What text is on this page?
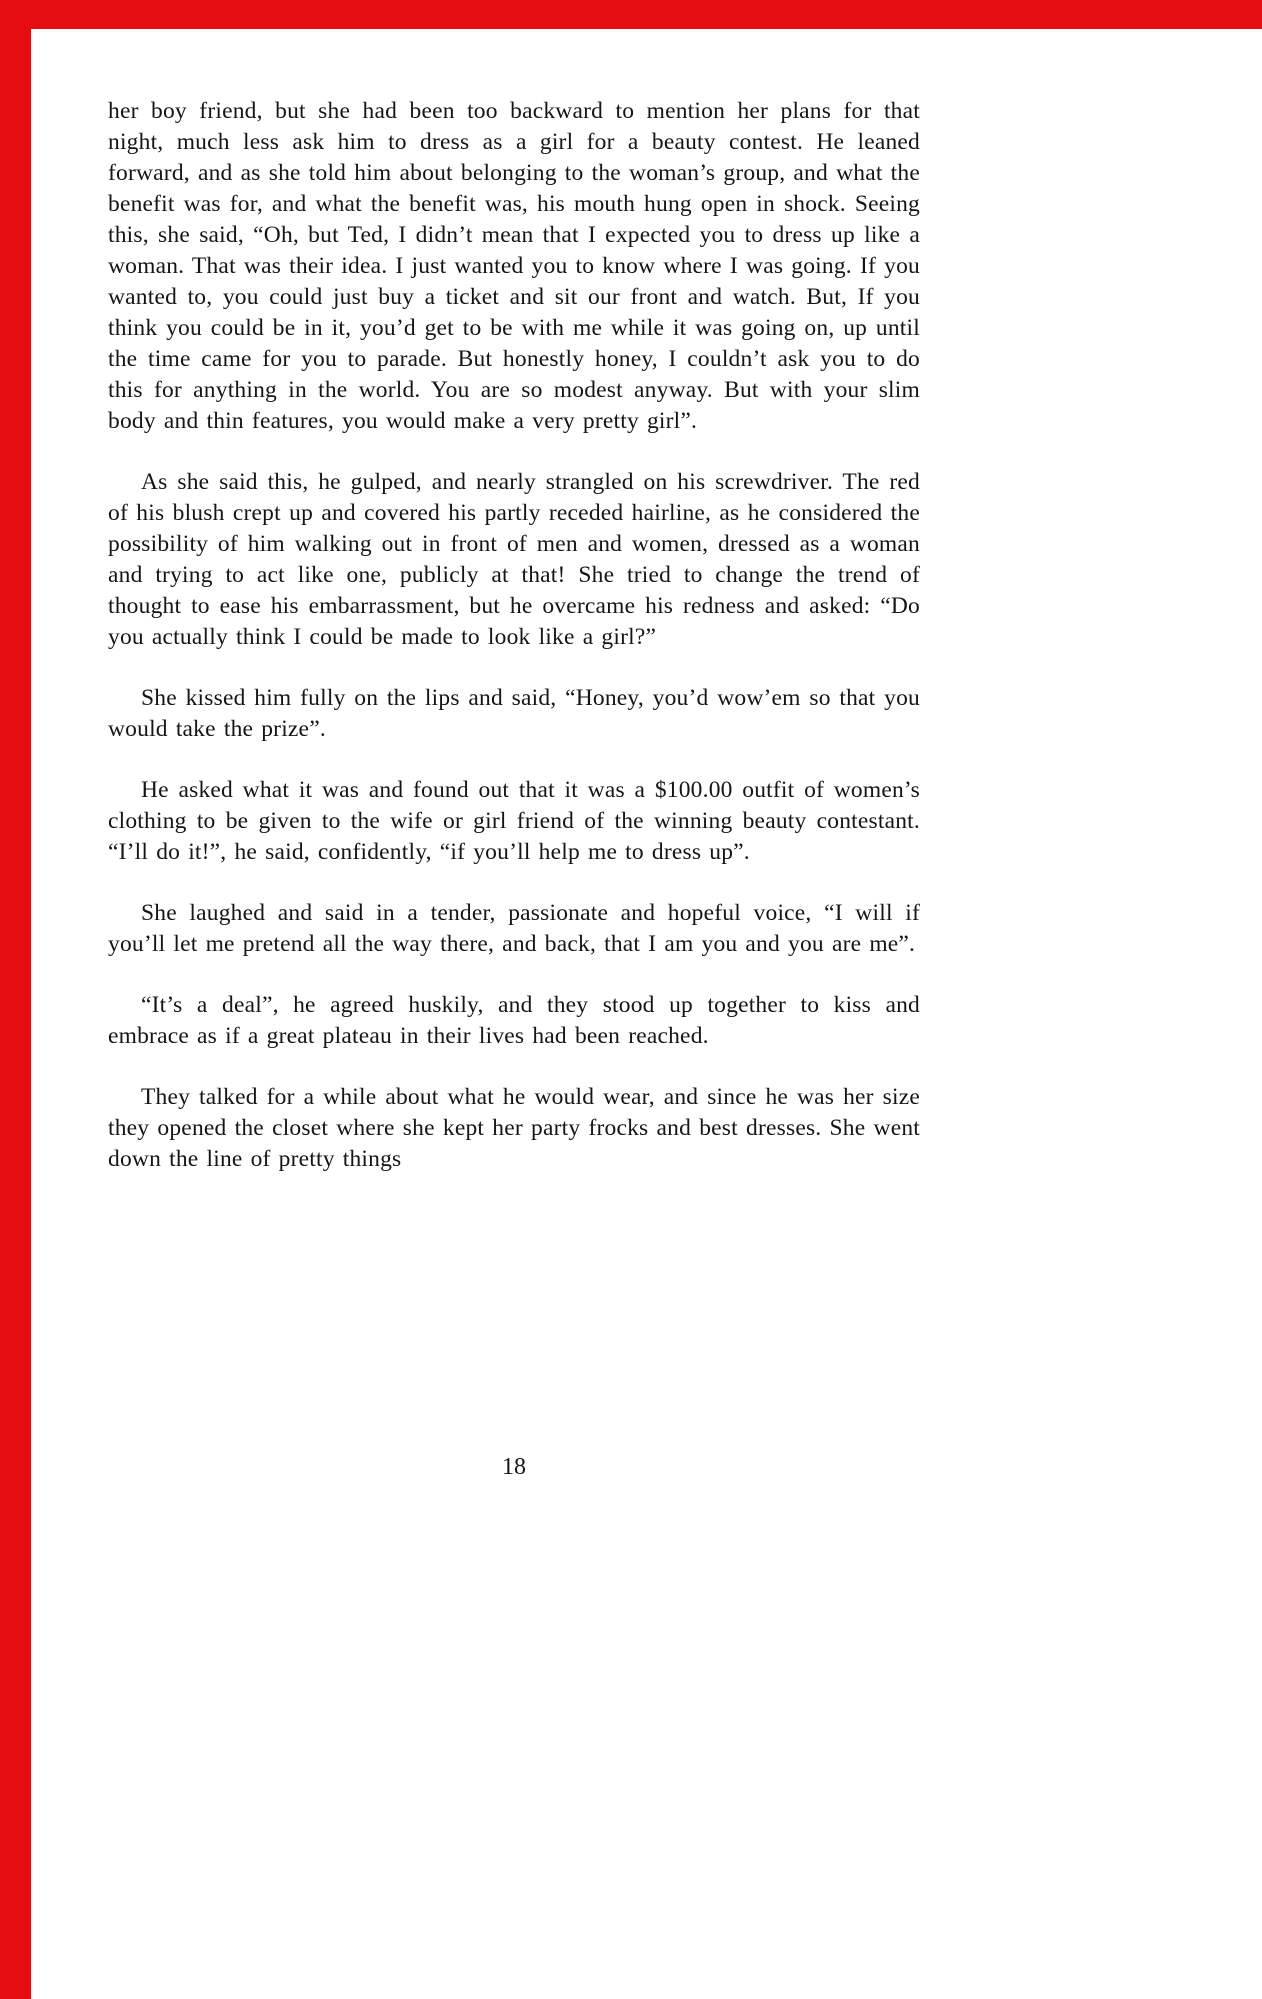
her boy friend, but she had been too backward to mention her plans for that night, much less ask him to dress as a girl for a beauty contest. He leaned forward, and as she told him about belonging to the woman’s group, and what the benefit was for, and what the benefit was, his mouth hung open in shock. Seeing this, she said, “Oh, but Ted, I didn’t mean that I expected you to dress up like a woman. That was their idea. I just wanted you to know where I was going. If you wanted to, you could just buy a ticket and sit our front and watch. But, If you think you could be in it, you’d get to be with me while it was going on, up until the time came for you to parade. But honestly honey, I couldn’t ask you to do this for anything in the world. You are so modest anyway. But with your slim body and thin features, you would make a very pretty girl”.

As she said this, he gulped, and nearly strangled on his screwdriver. The red of his blush crept up and covered his partly receded hairline, as he considered the possibility of him walking out in front of men and women, dressed as a woman and trying to act like one, publicly at that! She tried to change the trend of thought to ease his embarrassment, but he overcame his redness and asked: “Do you actually think I could be made to look like a girl?”

She kissed him fully on the lips and said, “Honey, you’d wow’em so that you would take the prize”.

He asked what it was and found out that it was a $100.00 outfit of women’s clothing to be given to the wife or girl friend of the winning beauty contestant. “I’ll do it!”, he said, confidently, “if you’ll help me to dress up”.

She laughed and said in a tender, passionate and hopeful voice, “I will if you’ll let me pretend all the way there, and back, that I am you and you are me”.

“It’s a deal”, he agreed huskily, and they stood up together to kiss and embrace as if a great plateau in their lives had been reached.

They talked for a while about what he would wear, and since he was her size they opened the closet where she kept her party frocks and best dresses. She went down the line of pretty things

18
